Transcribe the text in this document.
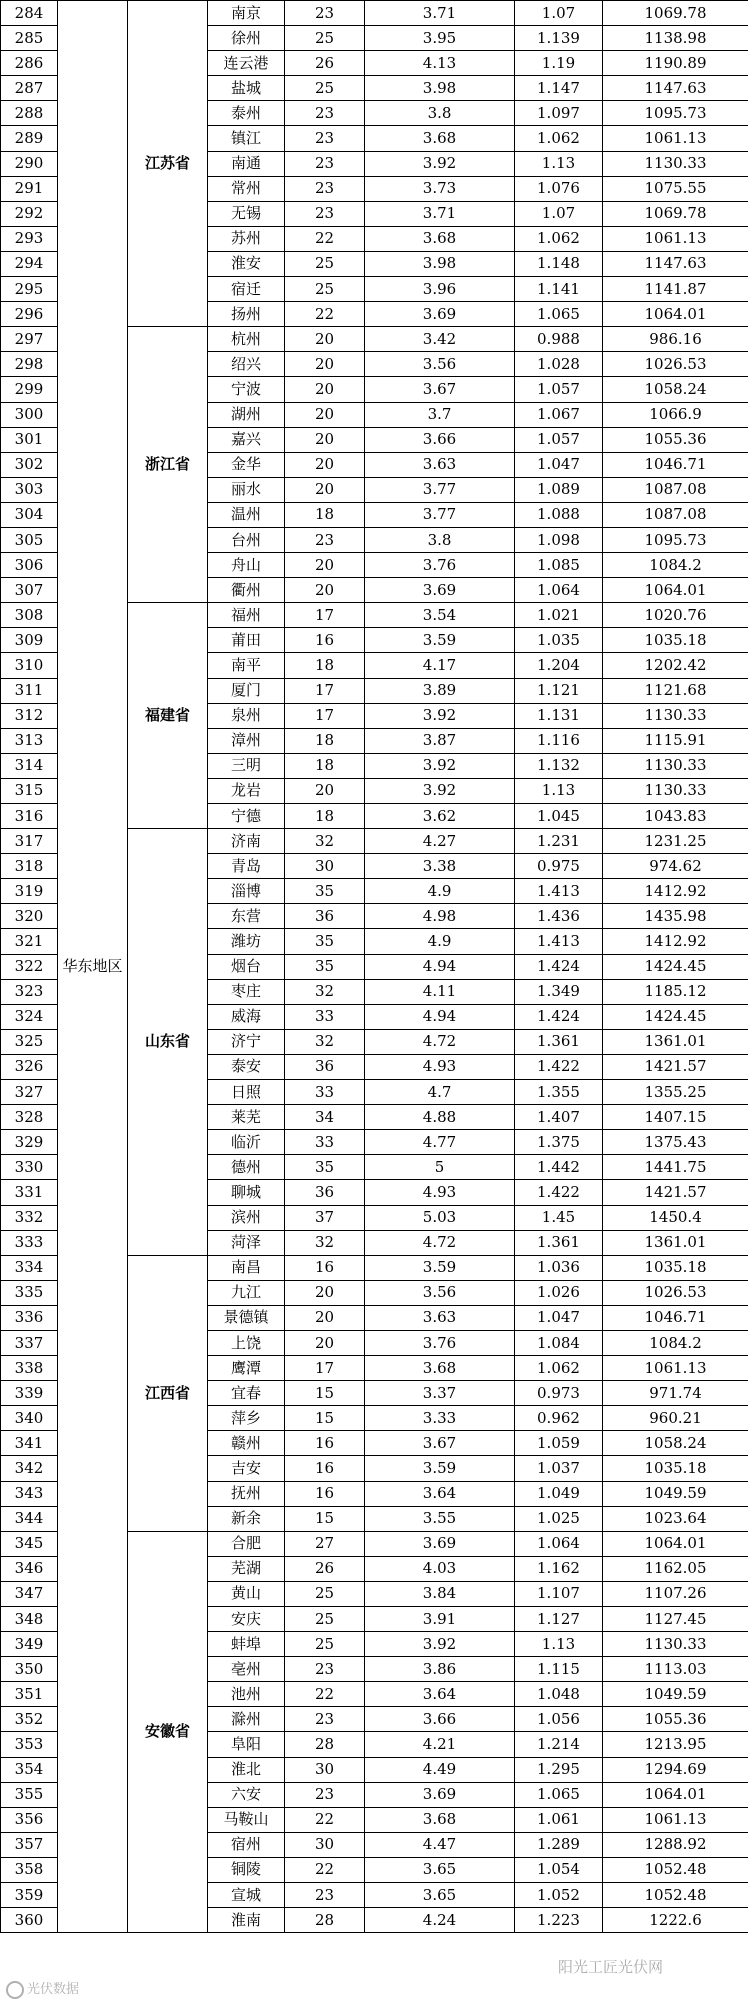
284	华东地区	江苏省	南京	23	3.71	1.07	1069.78
285			徐州	25	3.95	1.139	1138.98
286			连云港	26	4.13	1.19	1190.89
287			盐城	25	3.98	1.147	1147.63
288			泰州	23	3.8	1.097	1095.73
289			镇江	23	3.68	1.062	1061.13
290			南通	23	3.92	1.13	1130.33
291			常州	23	3.73	1.076	1075.55
292			无锡	23	3.71	1.07	1069.78
293			苏州	22	3.68	1.062	1061.13
294			淮安	25	3.98	1.148	1147.63
295			宿迁	25	3.96	1.141	1141.87
296			扬州	22	3.69	1.065	1064.01
297		浙江省	杭州	20	3.42	0.988	986.16
298			绍兴	20	3.56	1.028	1026.53
299			宁波	20	3.67	1.057	1058.24
300			湖州	20	3.7	1.067	1066.9
301			嘉兴	20	3.66	1.057	1055.36
302			金华	20	3.63	1.047	1046.71
303			丽水	20	3.77	1.089	1087.08
304			温州	18	3.77	1.088	1087.08
305			台州	23	3.8	1.098	1095.73
306			舟山	20	3.76	1.085	1084.2
307			衢州	20	3.69	1.064	1064.01
308		福建省	福州	17	3.54	1.021	1020.76
309			莆田	16	3.59	1.035	1035.18
310			南平	18	4.17	1.204	1202.42
311			厦门	17	3.89	1.121	1121.68
312			泉州	17	3.92	1.131	1130.33
313			漳州	18	3.87	1.116	1115.91
314			三明	18	3.92	1.132	1130.33
315			龙岩	20	3.92	1.13	1130.33
316			宁德	18	3.62	1.045	1043.83
317		山东省	济南	32	4.27	1.231	1231.25
318			青岛	30	3.38	0.975	974.62
319			淄博	35	4.9	1.413	1412.92
320			东营	36	4.98	1.436	1435.98
321			潍坊	35	4.9	1.413	1412.92
322			烟台	35	4.94	1.424	1424.45
323			枣庄	32	4.11	1.349	1185.12
324			威海	33	4.94	1.424	1424.45
325			济宁	32	4.72	1.361	1361.01
326			泰安	36	4.93	1.422	1421.57
327			日照	33	4.7	1.355	1355.25
328			莱芜	34	4.88	1.407	1407.15
329			临沂	33	4.77	1.375	1375.43
330			德州	35	5	1.442	1441.75
331			聊城	36	4.93	1.422	1421.57
332			滨州	37	5.03	1.45	1450.4
333			菏泽	32	4.72	1.361	1361.01
334		江西省	南昌	16	3.59	1.036	1035.18
335			九江	20	3.56	1.026	1026.53
336			景德镇	20	3.63	1.047	1046.71
337			上饶	20	3.76	1.084	1084.2
338			鹰潭	17	3.68	1.062	1061.13
339			宜春	15	3.37	0.973	971.74
340			萍乡	15	3.33	0.962	960.21
341			赣州	16	3.67	1.059	1058.24
342			吉安	16	3.59	1.037	1035.18
343			抚州	16	3.64	1.049	1049.59
344			新余	15	3.55	1.025	1023.64
345		安徽省	合肥	27	3.69	1.064	1064.01
346			芜湖	26	4.03	1.162	1162.05
347			黄山	25	3.84	1.107	1107.26
348			安庆	25	3.91	1.127	1127.45
349			蚌埠	25	3.92	1.13	1130.33
350			亳州	23	3.86	1.115	1113.03
351			池州	22	3.64	1.048	1049.59
352			滁州	23	3.66	1.056	1055.36
353			阜阳	28	4.21	1.214	1213.95
354			淮北	30	4.49	1.295	1294.69
355			六安	23	3.69	1.065	1064.01
356			马鞍山	22	3.68	1.061	1061.13
357			宿州	30	4.47	1.289	1288.92
358			铜陵	22	3.65	1.054	1052.48
359			宣城	23	3.65	1.052	1052.48
360			淮南	28	4.24	1.223	1222.6
光伏数据
阳光工匠光伏网
